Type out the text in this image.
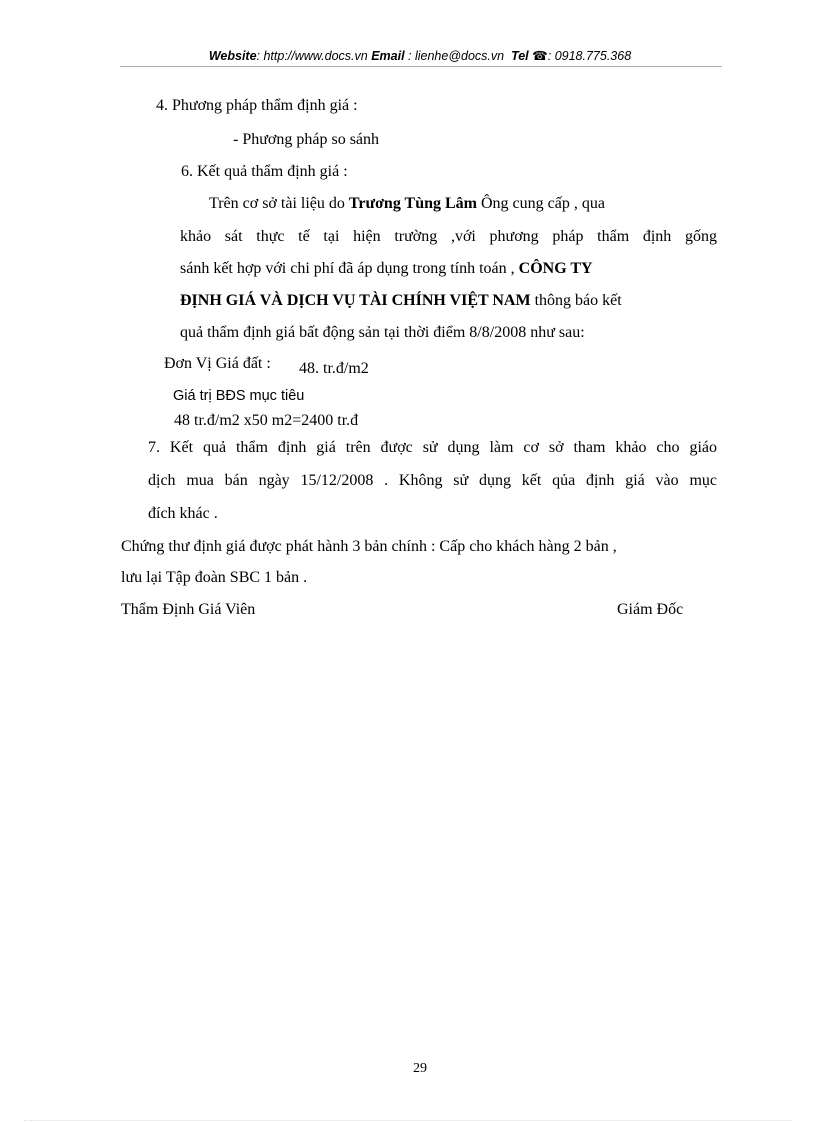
Website: http://www.docs.vn Email : lienhe@docs.vn Tel ☎: 0918.775.368
4. Phương pháp thẩm định giá :
- Phương pháp so sánh
6. Kết quả thẩm định giá :
Trên cơ sở tài liệu do Trương Tùng Lâm Ông cung cấp , qua
khảo sát thực tế tại hiện trường ,với phương pháp thẩm định gống
sánh kết hợp với chi phí đã áp dụng trong tính toán , CÔNG TY
ĐỊNH GIÁ VÀ DỊCH VỤ TÀI CHÍNH VIỆT NAM thông báo kết
quả thẩm định giá bất động sản tại thời điểm 8/8/2008 như sau:
Đơn Vị Giá đất : 48. tr.đ/m2
Giá trị BĐS mục tiêu
48 tr.đ/m2 x50 m2=2400 tr.đ
7. Kết quả thẩm định giá trên được sử dụng làm cơ sở tham khảo cho giáo
dịch mua bán ngày 15/12/2008 . Không sử dụng kết qủa định giá vào mục
đích khác .
Chứng thư định giá được phát hành 3 bản chính : Cấp cho khách hàng 2 bản ,
lưu lại Tập đoàn SBC 1 bản .
Thẩm Định Giá Viên	Giám Đốc
29
